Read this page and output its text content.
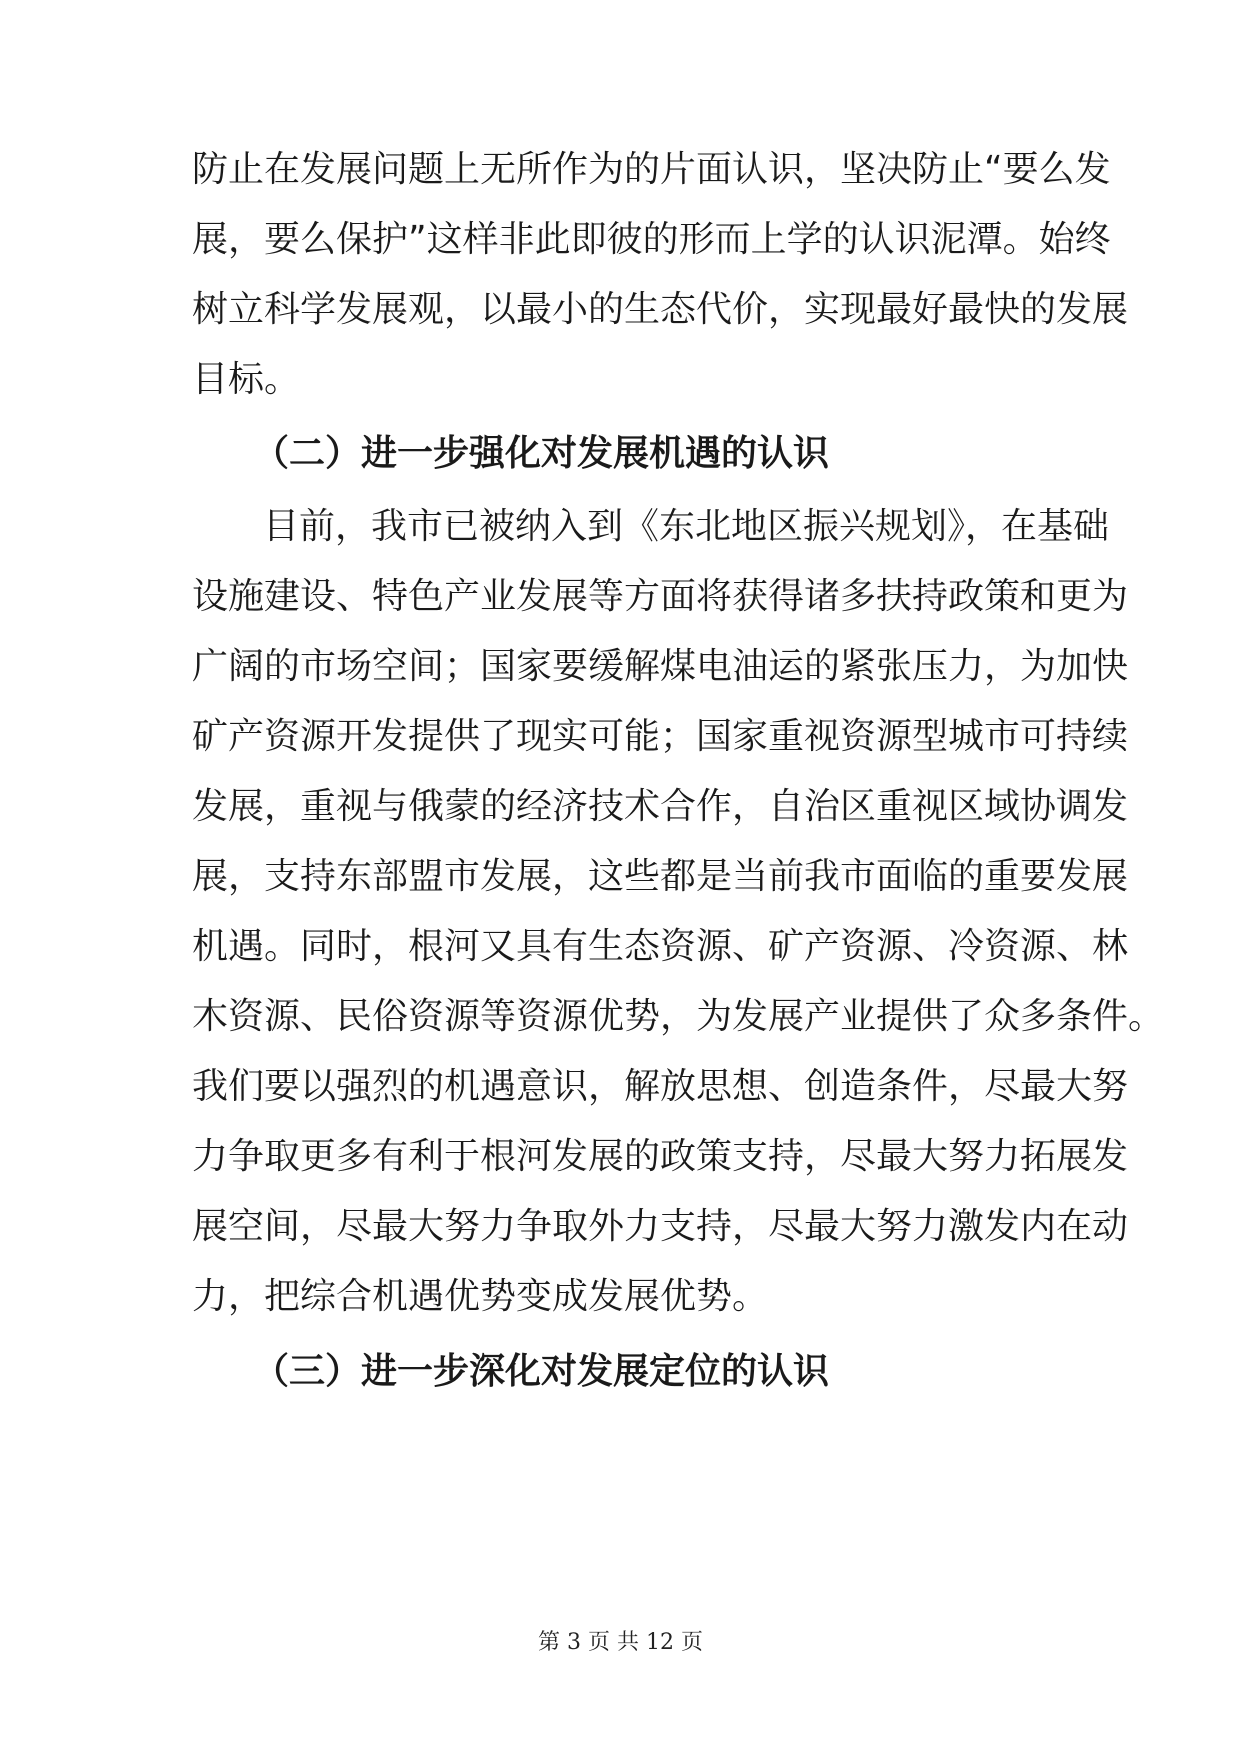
防止在发展问题上无所作为的片面认识，坚决防止“要么发
展，要么保护”这样非此即彼的形而上学的认识泥潭。始终
树立科学发展观，以最小的生态代价，实现最好最快的发展
目标。
（二）进一步强化对发展机遇的认识
目前，我市已被纳入到《东北地区振兴规划》，在基础
设施建设、特色产业发展等方面将获得诸多扶持政策和更为
广阔的市场空间；国家要缓解煤电油运的紧张压力，为加快
矿产资源开发提供了现实可能；国家重视资源型城市可持续
发展，重视与俄蒙的经济技术合作，自治区重视区域协调发
展，支持东部盟市发展，这些都是当前我市面临的重要发展
机遇。同时，根河又具有生态资源、矿产资源、冷资源、林
木资源、民俗资源等资源优势，为发展产业提供了众多条件。
我们要以强烈的机遇意识，解放思想、创造条件，尽最大努
力争取更多有利于根河发展的政策支持，尽最大努力拓展发
展空间，尽最大努力争取外力支持，尽最大努力激发内在动
力，把综合机遇优势变成发展优势。
（三）进一步深化对发展定位的认识
第 3 页 共 12 页
